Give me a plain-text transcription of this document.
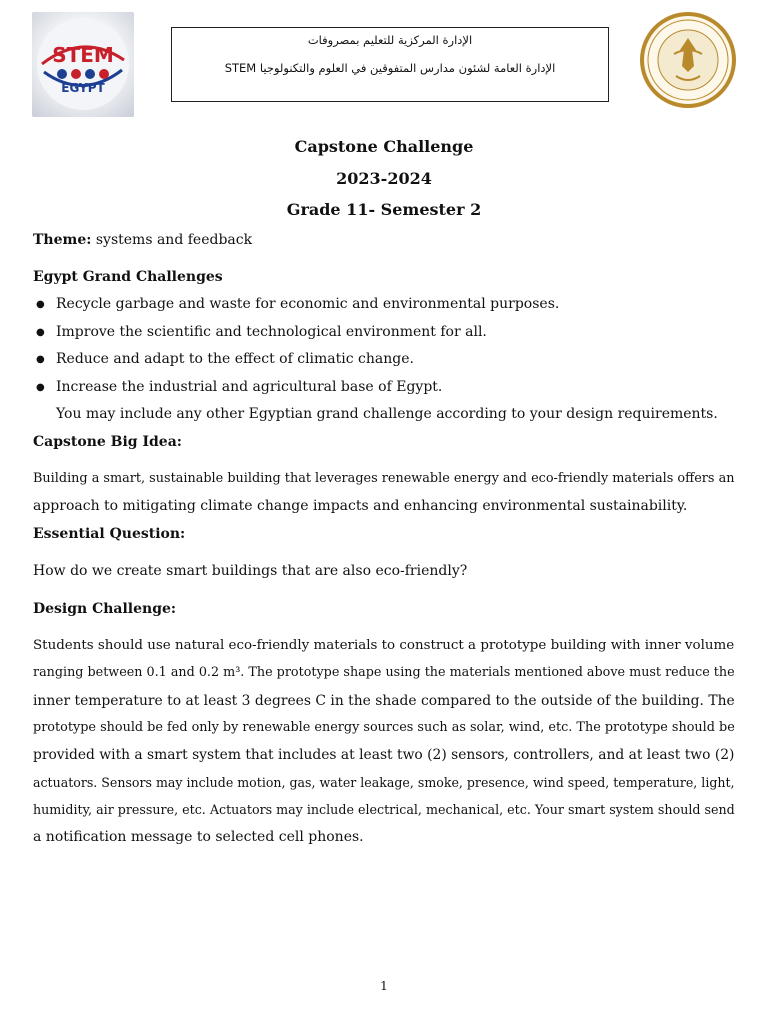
STEM
EGYPT
الإدارة المركزية للتعليم بمصروفات
الإدارة العامة لشئون مدارس المتفوقين في العلوم والتكنولوجيا STEM
Capstone Challenge
2023-2024
Grade 11- Semester 2
Theme: systems and feedback
Egypt Grand Challenges
● Recycle garbage and waste for economic and environmental purposes.
● Improve the scientific and technological environment for all.
● Reduce and adapt to the effect of climatic change.
● Increase the industrial and agricultural base of Egypt.
You may include any other Egyptian grand challenge according to your design requirements.
Capstone Big Idea:
Building a smart, sustainable building that leverages renewable energy and eco-friendly materials offers an
approach to mitigating climate change impacts and enhancing environmental sustainability.
Essential Question:
How do we create smart buildings that are also eco-friendly?
Design Challenge:
Students should use natural eco-friendly materials to construct a prototype building with inner volume
ranging between 0.1 and 0.2 m³. The prototype shape using the materials mentioned above must reduce the
inner temperature to at least 3 degrees C in the shade compared to the outside of the building. The
prototype should be fed only by renewable energy sources such as solar, wind, etc. The prototype should be
provided with a smart system that includes at least two (2) sensors, controllers, and at least two (2)
actuators. Sensors may include motion, gas, water leakage, smoke, presence, wind speed, temperature, light,
humidity, air pressure, etc. Actuators may include electrical, mechanical, etc. Your smart system should send
a notification message to selected cell phones.
1
